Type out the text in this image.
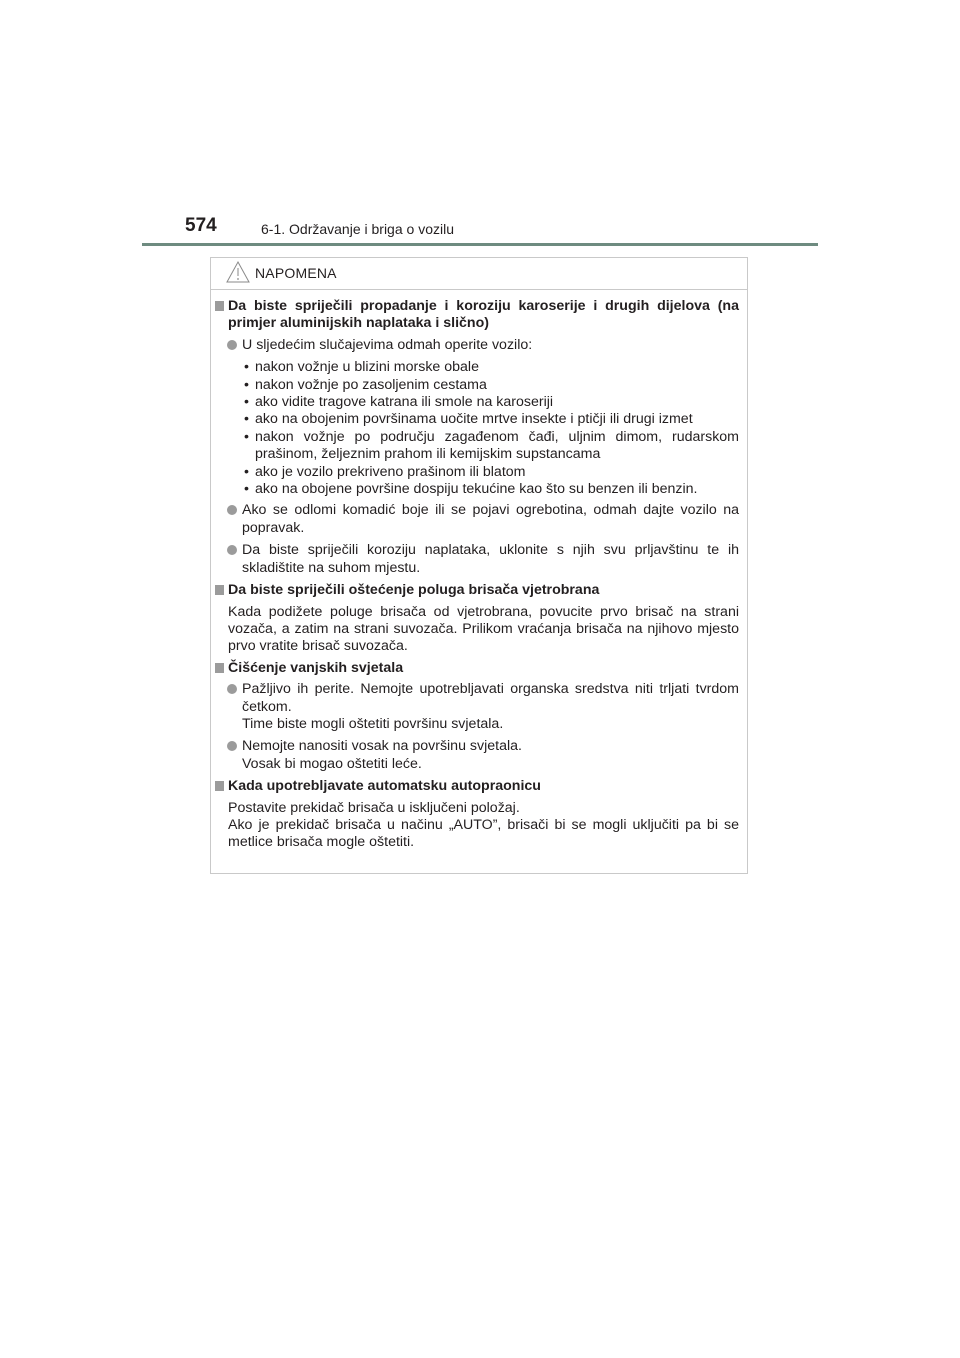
574	6-1. Održavanje i briga o vozilu
NAPOMENA
Da biste spriječili propadanje i koroziju karoserije i drugih dijelova (na primjer aluminijskih naplataka i slično)
U sljedećim slučajevima odmah operite vozilo:
• nakon vožnje u blizini morske obale
• nakon vožnje po zasoljenim cestama
• ako vidite tragove katrana ili smole na karoseriji
• ako na obojenim površinama uočite mrtve insekte i ptičji ili drugi izmet
• nakon vožnje po području zagađenom čađi, uljnim dimom, rudarskom prašinom, željeznim prahom ili kemijskim supstancama
• ako je vozilo prekriveno prašinom ili blatom
• ako na obojene površine dospiju tekućine kao što su benzen ili benzin.
Ako se odlomi komadić boje ili se pojavi ogrebotina, odmah dajte vozilo na popravak.
Da biste spriječili koroziju naplataka, uklonite s njih svu prljavštinu te ih skladištite na suhom mjestu.
Da biste spriječili oštećenje poluga brisača vjetrobrana
Kada podižete poluge brisača od vjetrobrana, povucite prvo brisač na strani vozača, a zatim na strani suvozača. Prilikom vraćanja brisača na njihovo mjesto prvo vratite brisač suvozača.
Čišćenje vanjskih svjetala
Pažljivo ih perite. Nemojte upotrebljavati organska sredstva niti trljati tvrdom četkom.
Time biste mogli oštetiti površinu svjetala.
Nemojte nanositi vosak na površinu svjetala.
Vosak bi mogao oštetiti leće.
Kada upotrebljavate automatsku autopraonicu
Postavite prekidač brisača u isključeni položaj.
Ako je prekidač brisača u načinu „AUTO”, brisači bi se mogli uključiti pa bi se metlice brisača mogle oštetiti.
